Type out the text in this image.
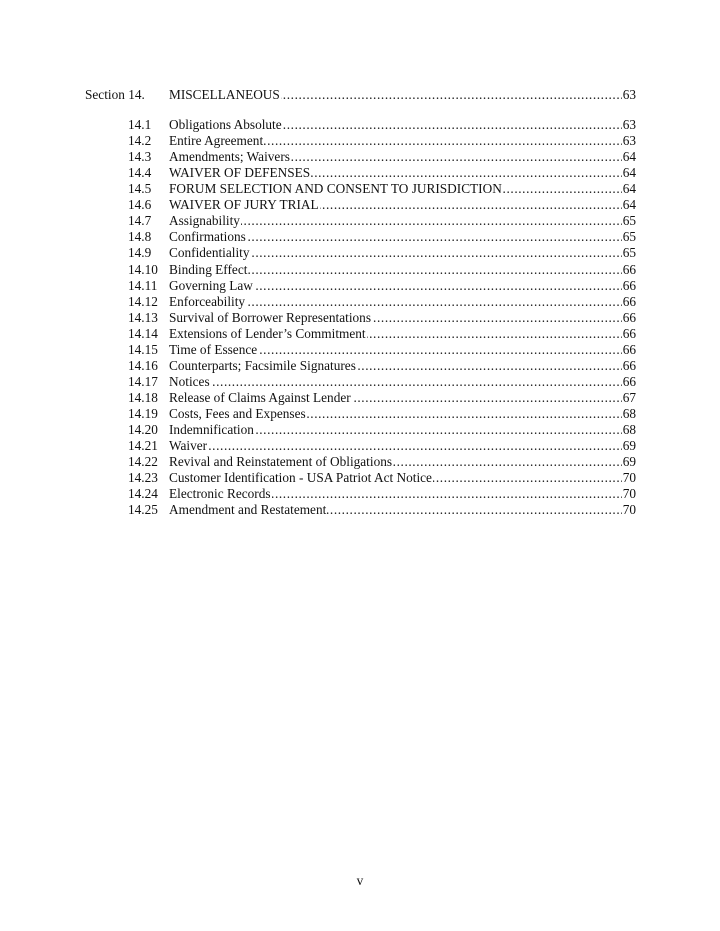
Section 14. ..... MISCELLANEOUS	63
14.1 ..... Obligations Absolute	63
14.2 ..... Entire Agreement	63
14.3 ..... Amendments; Waivers	64
14.4 ..... WAIVER OF DEFENSES	64
14.5 ..... FORUM SELECTION AND CONSENT TO JURISDICTION	64
14.6 ..... WAIVER OF JURY TRIAL	64
14.7 ..... Assignability	65
14.8 ..... Confirmations	65
14.9 ..... Confidentiality	65
14.10 ..... Binding Effect	66
14.11 ..... Governing Law	66
14.12 ..... Enforceability	66
14.13 ..... Survival of Borrower Representations	66
14.14 ..... Extensions of Lender’s Commitment	66
14.15 ..... Time of Essence	66
14.16 ..... Counterparts; Facsimile Signatures	66
14.17 ..... Notices	66
14.18 ..... Release of Claims Against Lender	67
14.19 ..... Costs, Fees and Expenses	68
14.20 ..... Indemnification	68
14.21 ..... Waiver	69
14.22 ..... Revival and Reinstatement of Obligations	69
14.23 ..... Customer Identification - USA Patriot Act Notice	70
14.24 ..... Electronic Records	70
14.25 ..... Amendment and Restatement	70
v
